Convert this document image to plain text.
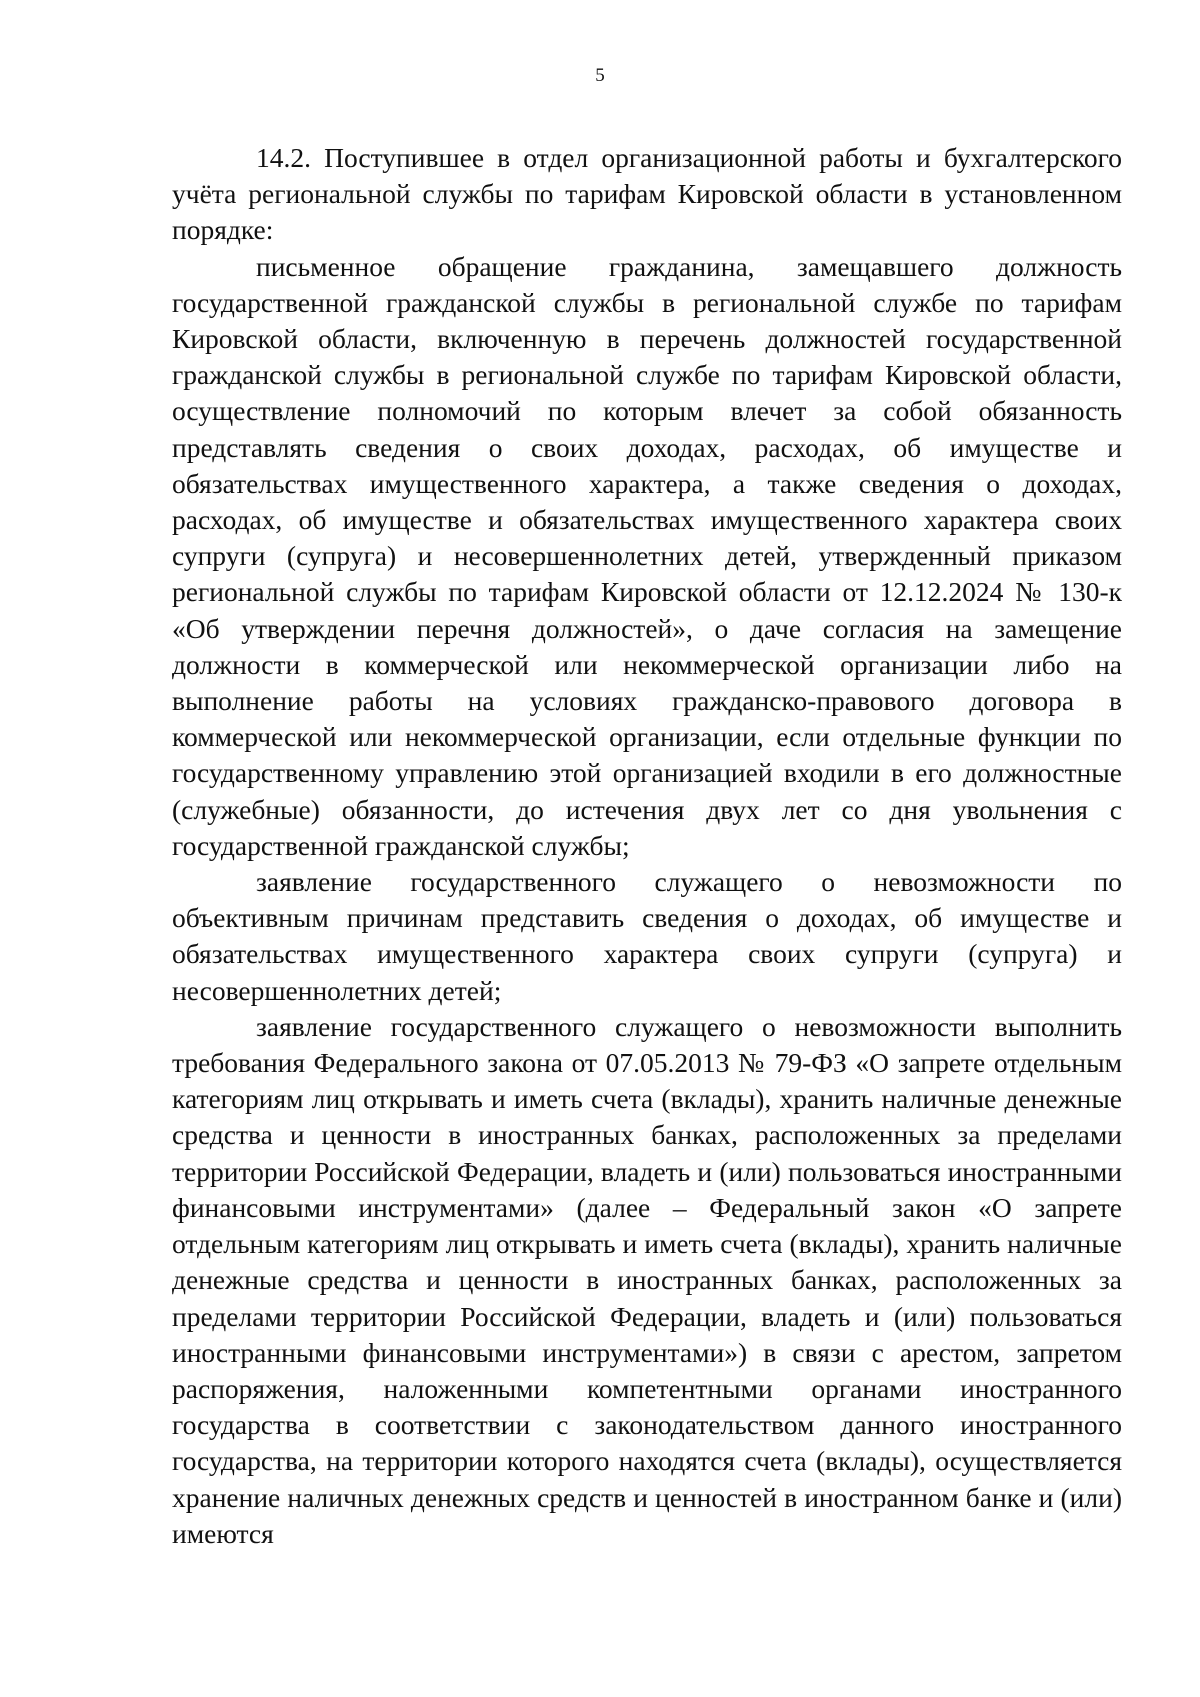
5

14.2. Поступившее в отдел организационной работы и бухгалтерского учёта региональной службы по тарифам Кировской области в установленном порядке:

письменное обращение гражданина, замещавшего должность государственной гражданской службы в региональной службе по тарифам Кировской области, включенную в перечень должностей государственной гражданской службы в региональной службе по тарифам Кировской области, осуществление полномочий по которым влечет за собой обязанность представлять сведения о своих доходах, расходах, об имуществе и обязательствах имущественного характера, а также сведения о доходах, расходах, об имуществе и обязательствах имущественного характера своих супруги (супруга) и несовершеннолетних детей, утвержденный приказом региональной службы по тарифам Кировской области от 12.12.2024 № 130-к «Об утверждении перечня должностей», о даче согласия на замещение должности в коммерческой или некоммерческой организации либо на выполнение работы на условиях гражданско-правового договора в коммерческой или некоммерческой организации, если отдельные функции по государственному управлению этой организацией входили в его должностные (служебные) обязанности, до истечения двух лет со дня увольнения с государственной гражданской службы;

заявление государственного служащего о невозможности по объективным причинам представить сведения о доходах, об имуществе и обязательствах имущественного характера своих супруги (супруга) и несовершеннолетних детей;

заявление государственного служащего о невозможности выполнить требования Федерального закона от 07.05.2013 № 79-ФЗ «О запрете отдельным категориям лиц открывать и иметь счета (вклады), хранить наличные денежные средства и ценности в иностранных банках, расположенных за пределами территории Российской Федерации, владеть и (или) пользоваться иностранными финансовыми инструментами» (далее – Федеральный закон «О запрете отдельным категориям лиц открывать и иметь счета (вклады), хранить наличные денежные средства и ценности в иностранных банках, расположенных за пределами территории Российской Федерации, владеть и (или) пользоваться иностранными финансовыми инструментами») в связи с арестом, запретом распоряжения, наложенными компетентными органами иностранного государства в соответствии с законодательством данного иностранного государства, на территории которого находятся счета (вклады), осуществляется хранение наличных денежных средств и ценностей в иностранном банке и (или) имеются
